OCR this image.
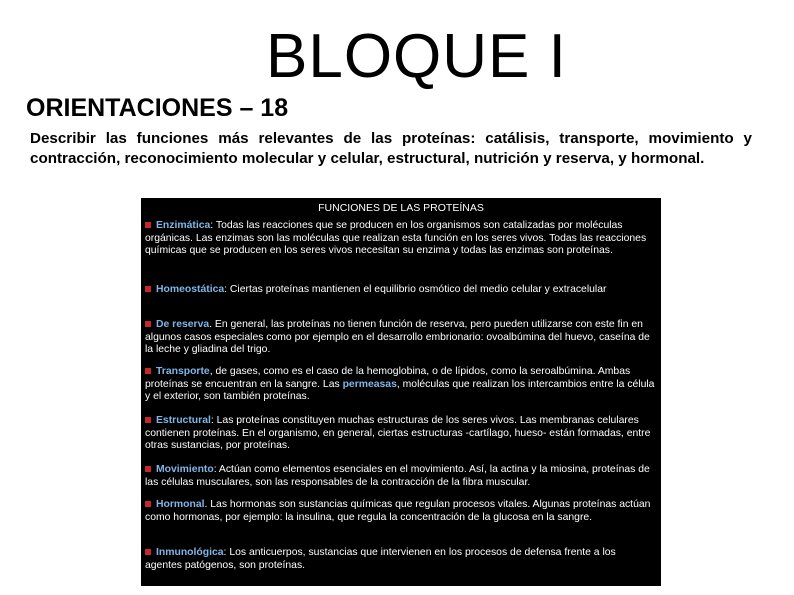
BLOQUE I
ORIENTACIONES – 18
Describir las funciones más relevantes de las proteínas: catálisis, transporte, movimiento y contracción, reconocimiento molecular y celular, estructural, nutrición y reserva, y hormonal.
FUNCIONES DE LAS PROTEÍNAS
Enzimática: Todas las reacciones que se producen en los organismos son catalizadas por moléculas orgánicas. Las enzimas son las moléculas que realizan esta función en los seres vivos. Todas las reacciones químicas que se producen en los seres vivos necesitan su enzima y todas las enzimas son proteínas.
Homeostática: Ciertas proteínas mantienen el equilibrio osmótico del medio celular y extracelular
De reserva. En general, las proteínas no tienen función de reserva, pero pueden utilizarse con este fin en algunos casos especiales como por ejemplo en el desarrollo embrionario: ovoalbúmina del huevo, caseína de la leche y gliadina del trigo.
Transporte, de gases, como es el caso de la hemoglobina, o de lípidos, como la seroalbúmina. Ambas proteínas se encuentran en la sangre. Las permeasas, moléculas que realizan los intercambios entre la célula y el exterior, son también proteínas.
Estructural: Las proteínas constituyen muchas estructuras de los seres vivos. Las membranas celulares contienen proteínas. En el organismo, en general, ciertas estructuras -cartílago, hueso- están formadas, entre otras sustancias, por proteínas.
Movimiento: Actúan como elementos esenciales en el movimiento. Así, la actina y la miosina, proteínas de las células musculares, son las responsables de la contracción de la fibra muscular.
Hormonal. Las hormonas son sustancias químicas que regulan procesos vitales. Algunas proteínas actúan como hormonas, por ejemplo: la insulina, que regula la concentración de la glucosa en la sangre.
Inmunológica: Los anticuerpos, sustancias que intervienen en los procesos de defensa frente a los agentes patógenos, son proteínas.
